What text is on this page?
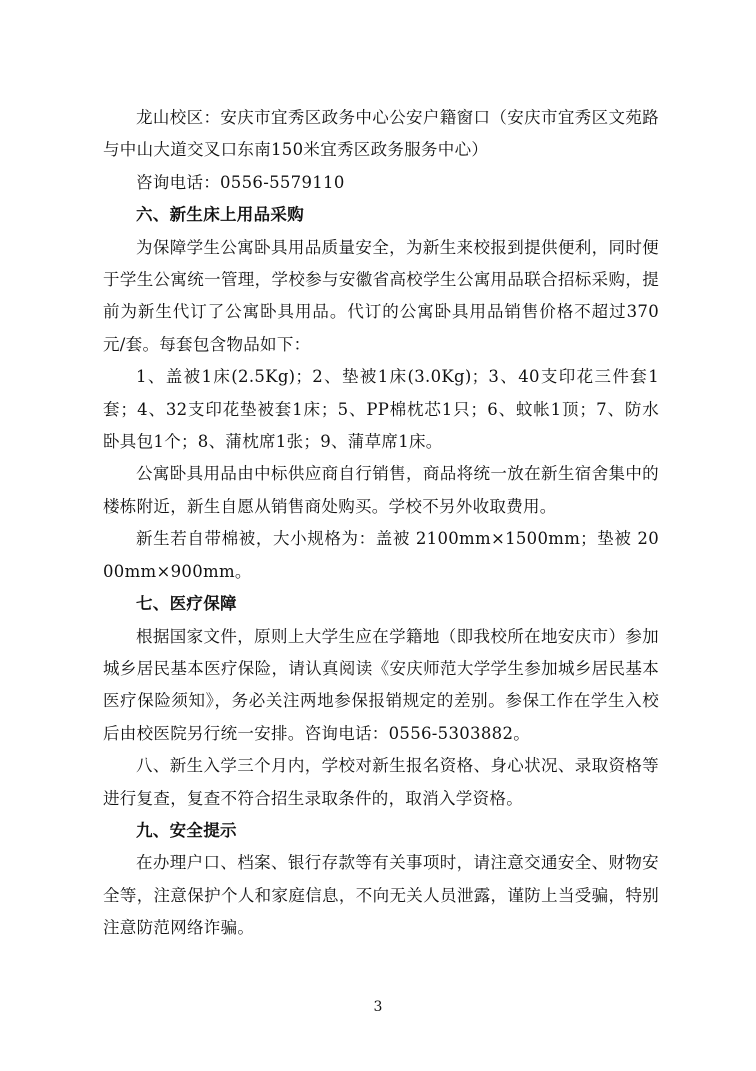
龙山校区：安庆市宜秀区政务中心公安户籍窗口（安庆市宜秀区文苑路与中山大道交叉口东南150米宜秀区政务服务中心）

咨询电话：0556-5579110

六、新生床上用品采购

为保障学生公寓卧具用品质量安全，为新生来校报到提供便利，同时便于学生公寓统一管理，学校参与安徽省高校学生公寓用品联合招标采购，提前为新生代订了公寓卧具用品。代订的公寓卧具用品销售价格不超过370元/套。每套包含物品如下：

1、盖被1床(2.5Kg)；2、垫被1床(3.0Kg)；3、40支印花三件套1套；4、32支印花垫被套1床；5、PP棉枕芯1只；6、蚊帐1顶；7、防水卧具包1个；8、蒲枕席1张；9、蒲草席1床。

公寓卧具用品由中标供应商自行销售，商品将统一放在新生宿舍集中的楼栋附近，新生自愿从销售商处购买。学校不另外收取费用。

新生若自带棉被，大小规格为：盖被 2100mm×1500mm；垫被 2000mm×900mm。

七、医疗保障

根据国家文件，原则上大学生应在学籍地（即我校所在地安庆市）参加城乡居民基本医疗保险，请认真阅读《安庆师范大学学生参加城乡居民基本医疗保险须知》，务必关注两地参保报销规定的差别。参保工作在学生入校后由校医院另行统一安排。咨询电话：0556-5303882。

八、新生入学三个月内，学校对新生报名资格、身心状况、录取资格等进行复查，复查不符合招生录取条件的，取消入学资格。

九、安全提示

在办理户口、档案、银行存款等有关事项时，请注意交通安全、财物安全等，注意保护个人和家庭信息，不向无关人员泄露，谨防上当受骗，特别注意防范网络诈骗。

3
